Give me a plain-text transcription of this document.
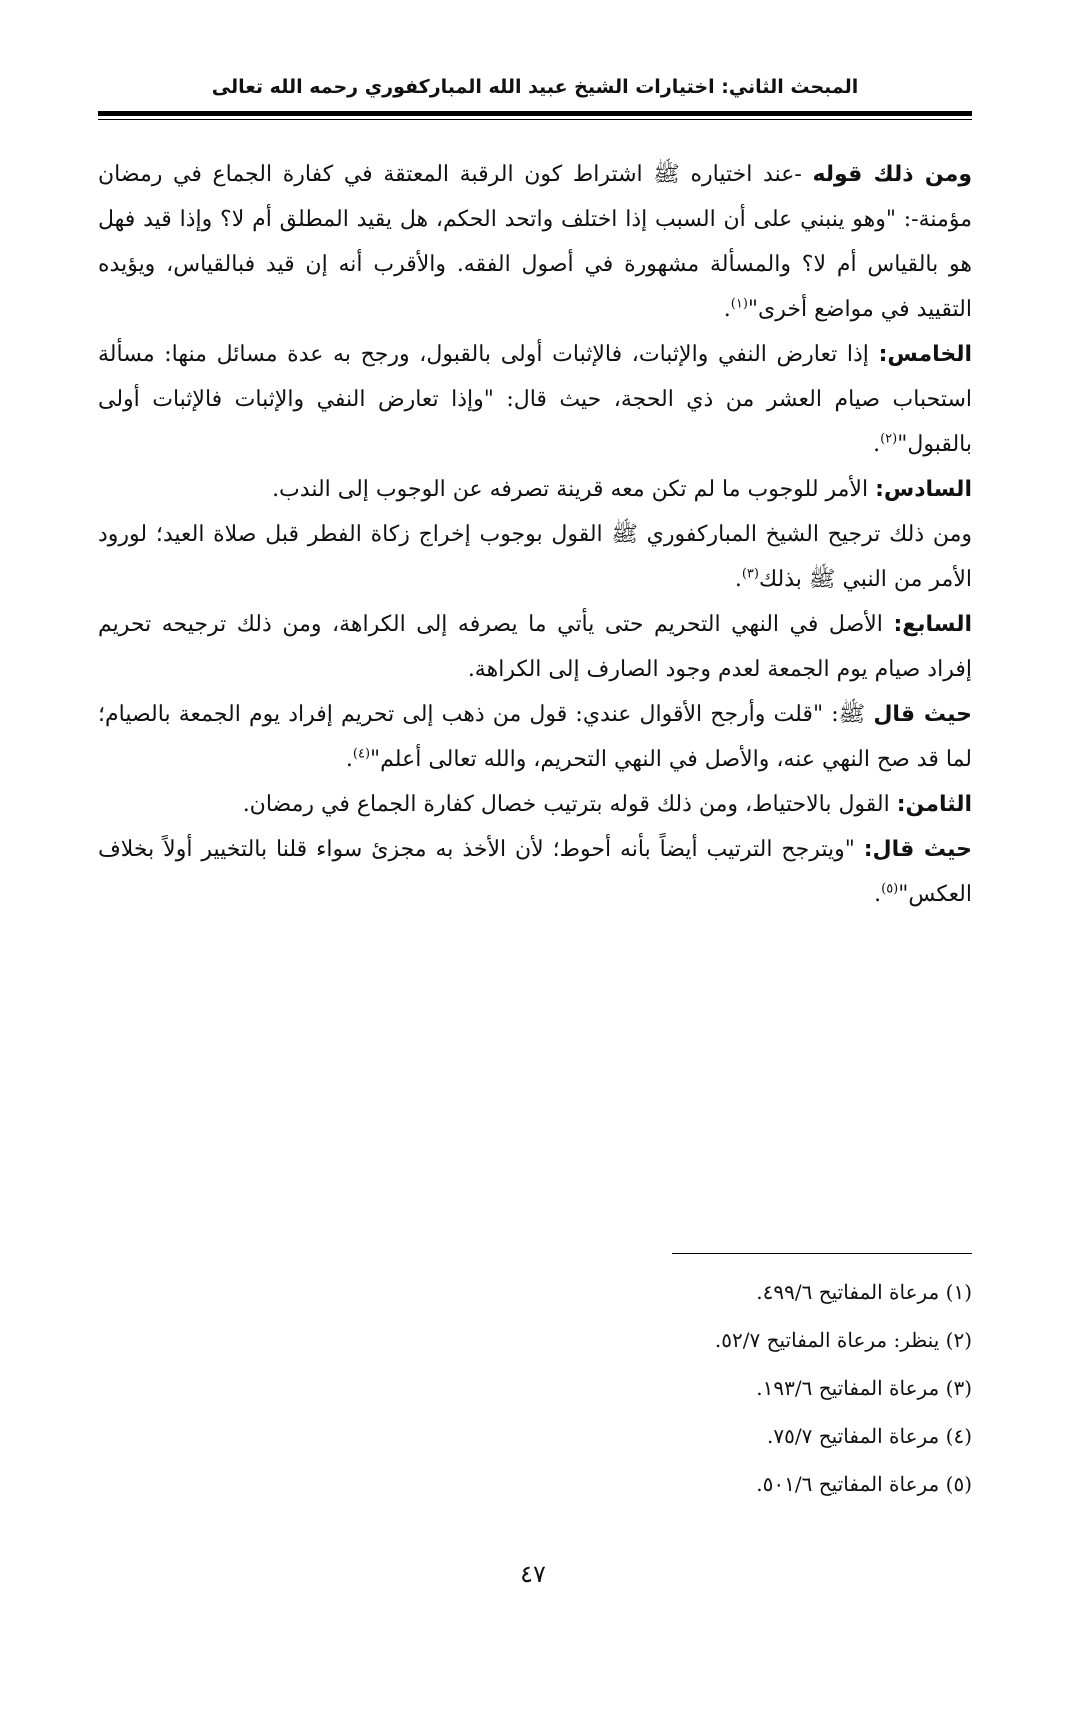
المبحث الثاني: اختيارات الشيخ عبيد الله المباركفوري رحمه الله تعالى

ومن ذلك قوله -عند اختياره ﷺ اشتراط كون الرقبة المعتقة في كفارة الجماع في رمضان مؤمنة-: "وهو ينبني على أن السبب إذا اختلف واتحد الحكم، هل يقيد المطلق أم لا؟ وإذا قيد فهل هو بالقياس أم لا؟ والمسألة مشهورة في أصول الفقه. والأقرب أنه إن قيد فبالقياس، ويؤيده التقييد في مواضع أخرى"$^{(١)}$.

الخامس: إذا تعارض النفي والإثبات، فالإثبات أولى بالقبول، ورجح به عدة مسائل منها: مسألة استحباب صيام العشر من ذي الحجة، حيث قال: "وإذا تعارض النفي والإثبات فالإثبات أولى بالقبول"$^{(٢)}$.

السادس: الأمر للوجوب ما لم تكن معه قرينة تصرفه عن الوجوب إلى الندب.

ومن ذلك ترجيح الشيخ المباركفوري ﷺ القول بوجوب إخراج زكاة الفطر قبل صلاة العيد؛ لورود الأمر من النبي ﷺ بذلك$^{(٣)}$.

السابع: الأصل في النهي التحريم حتى يأتي ما يصرفه إلى الكراهة، ومن ذلك ترجيحه تحريم إفراد صيام يوم الجمعة لعدم وجود الصارف إلى الكراهة.

حيث قال ﷺ: "قلت وأرجح الأقوال عندي: قول من ذهب إلى تحريم إفراد يوم الجمعة بالصيام؛ لما قد صح النهي عنه، والأصل في النهي التحريم، والله تعالى أعلم"$^{(٤)}$.

الثامن: القول بالاحتياط، ومن ذلك قوله بترتيب خصال كفارة الجماع في رمضان.

حيث قال: "ويترجح الترتيب أيضاً بأنه أحوط؛ لأن الأخذ به مجزئ سواء قلنا بالتخيير أولاً بخلاف العكس"$^{(٥)}$.

(١) مرعاة المفاتيح ٤٩٩/٦.

(٢) ينظر: مرعاة المفاتيح ٥٢/٧.

(٣) مرعاة المفاتيح ١٩٣/٦.

(٤) مرعاة المفاتيح ٧٥/٧.

(٥) مرعاة المفاتيح ٥٠١/٦.

٤٧
